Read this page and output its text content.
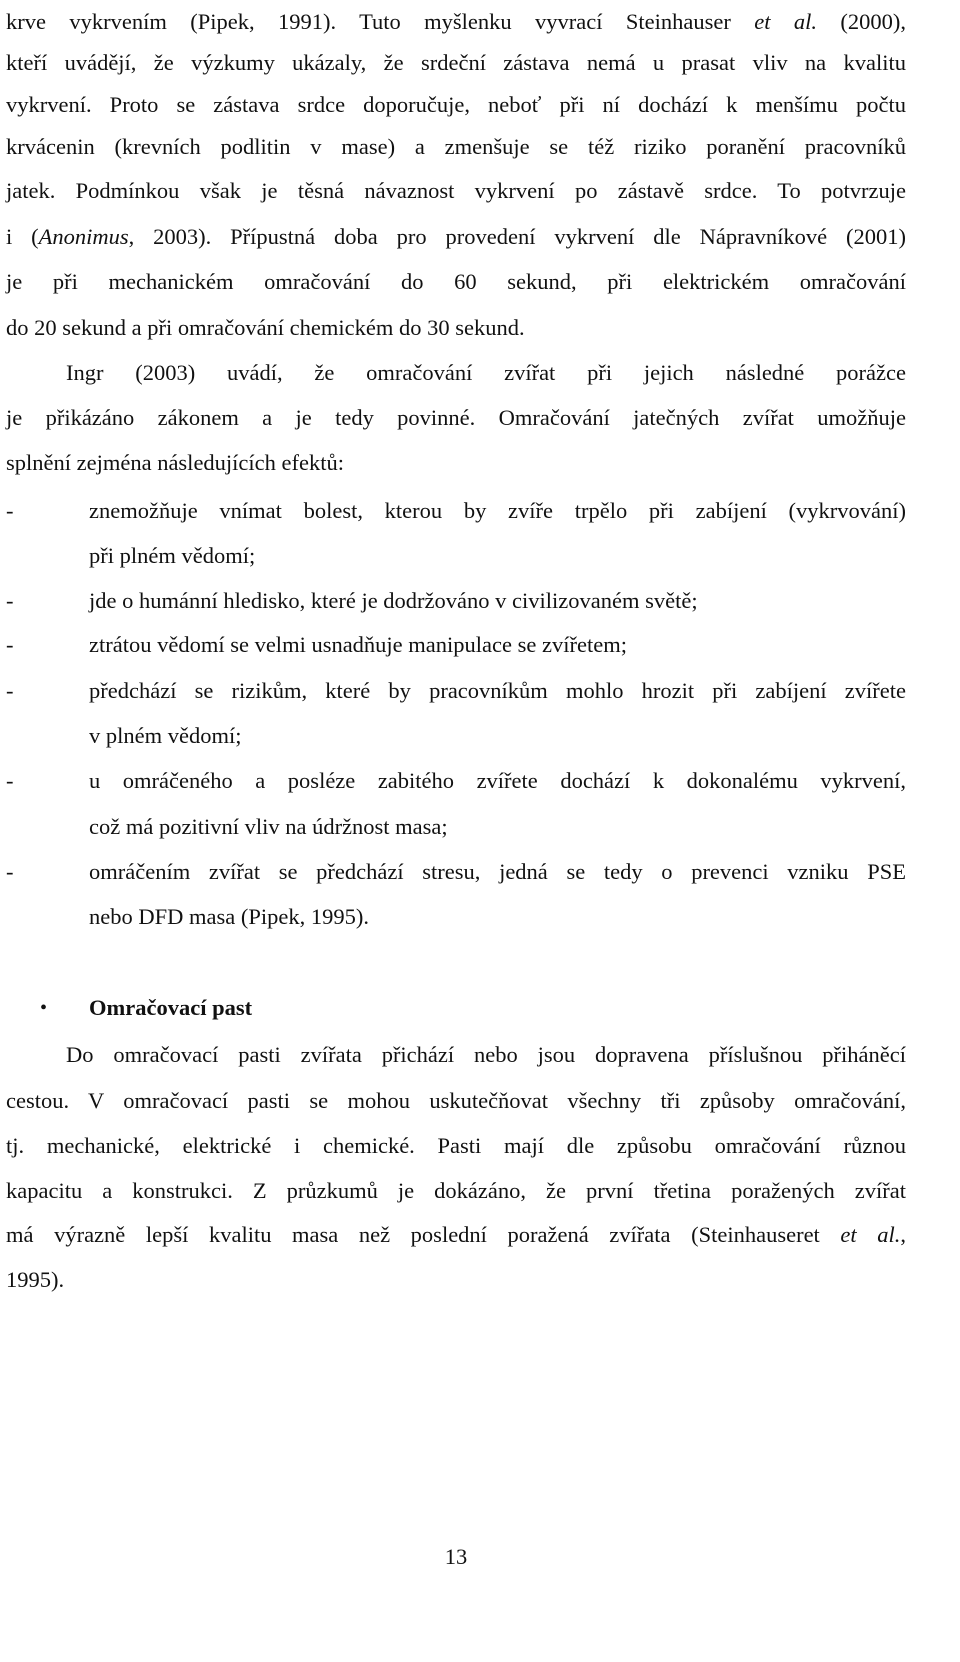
krve vykrvením (Pipek, 1991). Tuto myšlenku vyvrací Steinhauser et al. (2000),
kteří uvádějí, že výzkumy ukázaly, že srdeční zástava nemá u prasat vliv na kvalitu
vykrvení. Proto se zástava srdce doporučuje, neboť při ní dochází k menšímu počtu
krvácenin (krevních podlitin v mase) a zmenšuje se též riziko poranění pracovníků
jatek. Podmínkou však je těsná návaznost vykrvení po zástavě srdce. To potvrzuje
i (Anonimus, 2003). Přípustná doba pro provedení vykrvení dle Nápravníkové (2001)
je při mechanickém omračování do 60 sekund, při elektrickém omračování
do 20 sekund a při omračování chemickém do 30 sekund.
Ingr (2003) uvádí, že omračování zvířat při jejich následné porážce
je přikázáno zákonem a je tedy povinné. Omračování jatečných zvířat umožňuje
splnění zejména následujících efektů:
-	znemožňuje vnímat bolest, kterou by zvíře trpělo při zabíjení (vykrvování)
při plném vědomí;
-	jde o humánní hledisko, které je dodržováno v civilizovaném světě;
-	ztrátou vědomí se velmi usnadňuje manipulace se zvířetem;
-	předchází se rizikům, které by pracovníkům mohlo hrozit při zabíjení zvířete
v plném vědomí;
-	u omráčeného a posléze zabitého zvířete dochází k dokonalému vykrvení,
což má pozitivní vliv na údržnost masa;
-	omráčením zvířat se předchází stresu, jedná se tedy o prevenci vzniku PSE
nebo DFD masa (Pipek, 1995).
• Omračovací past
Do omračovací pasti zvířata přichází nebo jsou dopravena příslušnou přiháněcí
cestou. V omračovací pasti se mohou uskutečňovat všechny tři způsoby omračování,
tj. mechanické, elektrické i chemické. Pasti mají dle způsobu omračování různou
kapacitu a konstrukci. Z průzkumů je dokázáno, že první třetina poražených zvířat
má výrazně lepší kvalitu masa než poslední poražená zvířata (Steinhauseret et al.,
1995).
13
